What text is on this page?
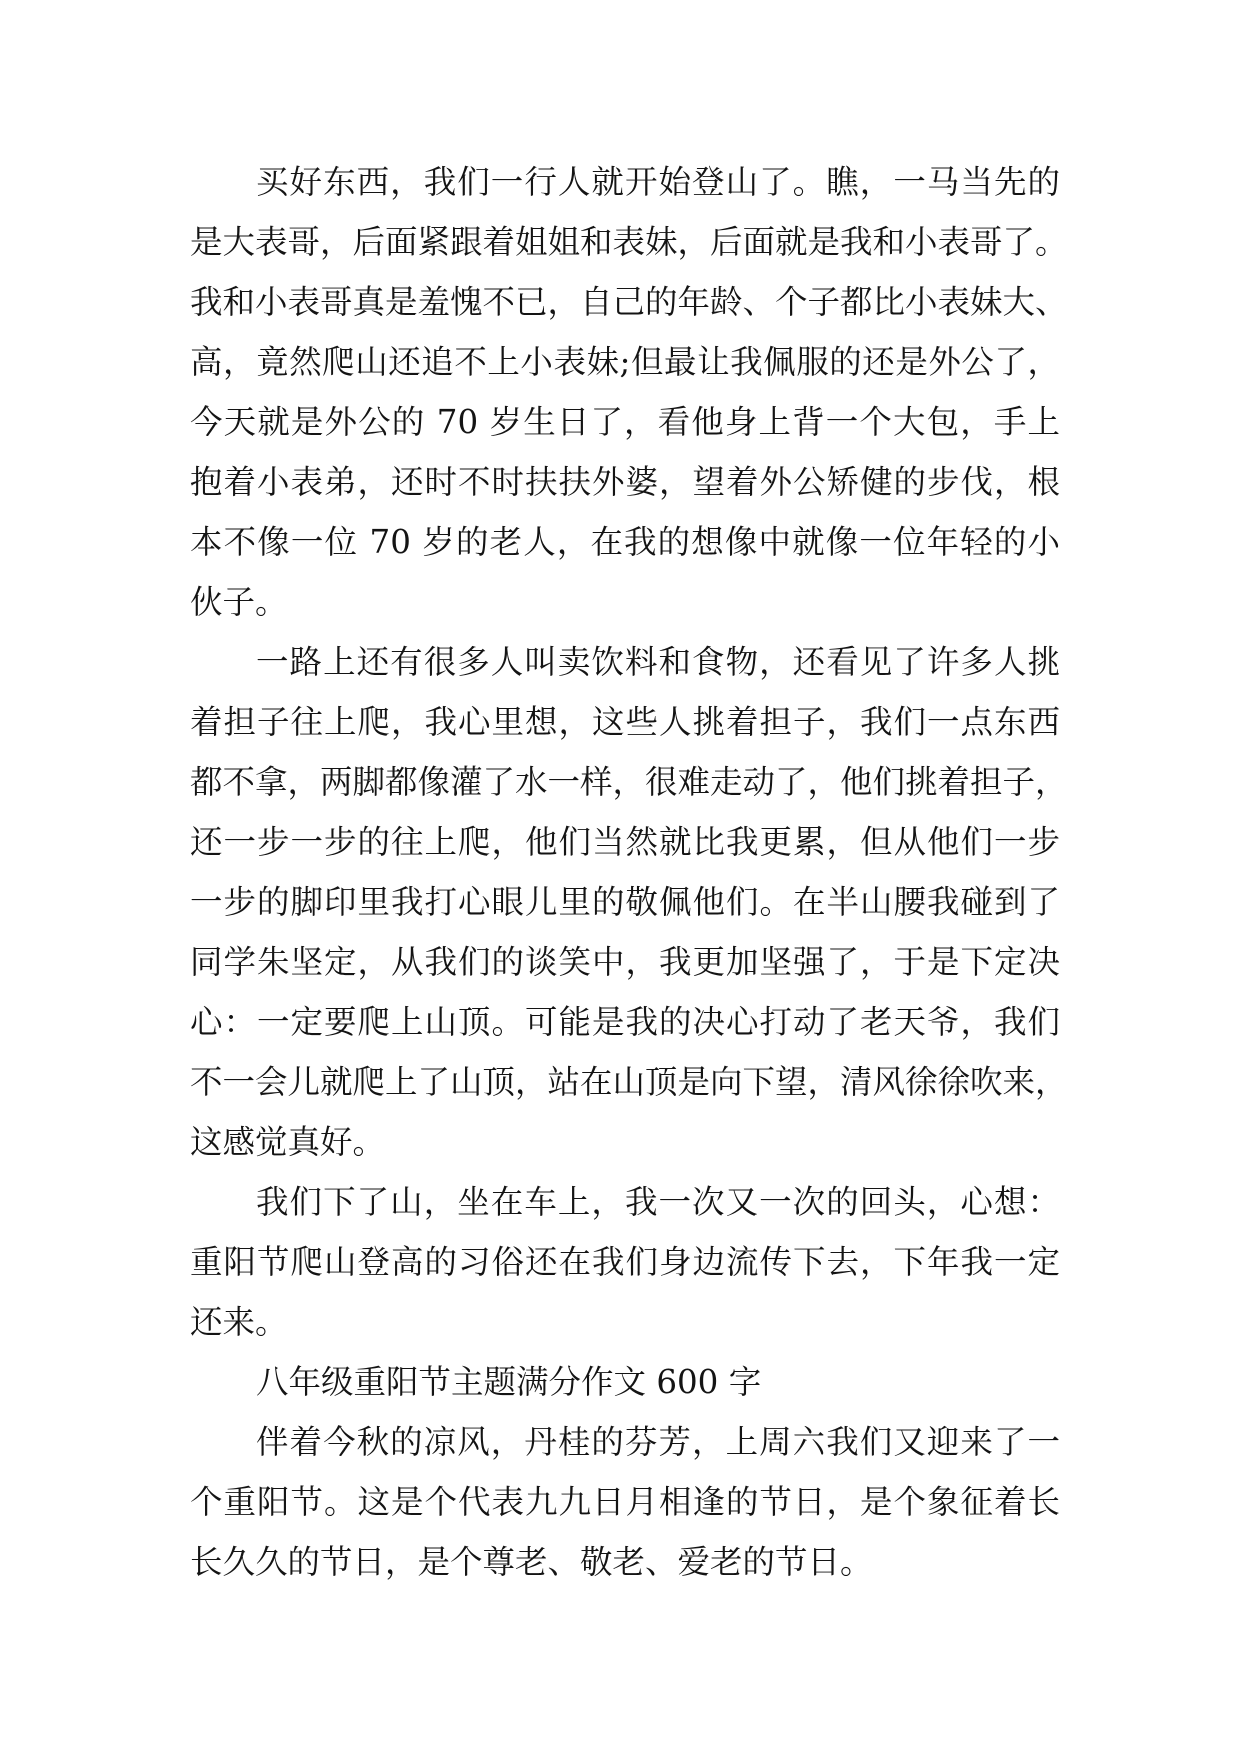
买好东西，我们一行人就开始登山了。瞧，一马当先的
是大表哥，后面紧跟着姐姐和表妹，后面就是我和小表哥了。
我和小表哥真是羞愧不已，自己的年龄、个子都比小表妹大、
高，竟然爬山还追不上小表妹;但最让我佩服的还是外公了，
今天就是外公的 70 岁生日了，看他身上背一个大包，手上
抱着小表弟，还时不时扶扶外婆，望着外公矫健的步伐，根
本不像一位 70 岁的老人，在我的想像中就像一位年轻的小
伙子。
一路上还有很多人叫卖饮料和食物，还看见了许多人挑
着担子往上爬，我心里想，这些人挑着担子，我们一点东西
都不拿，两脚都像灌了水一样，很难走动了，他们挑着担子，
还一步一步的往上爬，他们当然就比我更累，但从他们一步
一步的脚印里我打心眼儿里的敬佩他们。在半山腰我碰到了
同学朱坚定，从我们的谈笑中，我更加坚强了，于是下定决
心：一定要爬上山顶。可能是我的决心打动了老天爷，我们
不一会儿就爬上了山顶，站在山顶是向下望，清风徐徐吹来，
这感觉真好。
我们下了山，坐在车上，我一次又一次的回头，心想：
重阳节爬山登高的习俗还在我们身边流传下去，下年我一定
还来。
八年级重阳节主题满分作文 600 字
伴着今秋的凉风，丹桂的芬芳，上周六我们又迎来了一
个重阳节。这是个代表九九日月相逢的节日，是个象征着长
长久久的节日，是个尊老、敬老、爱老的节日。
